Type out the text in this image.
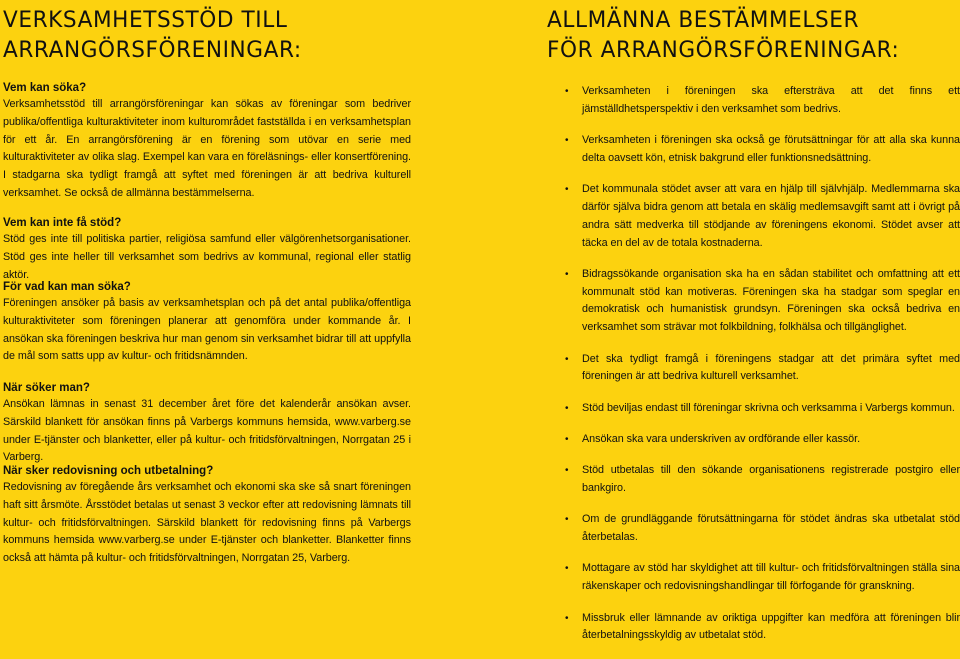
VERKSAMHETSSTÖD TILL
ARRANGÖRSFÖRENINGAR:
Vem kan söka?

Verksamhetsstöd till arrangörsföreningar kan sökas av föreningar som bedriver publika/offentliga kulturaktiviteter inom kulturområdet fastställda i en verksamhetsplan för ett år. En arrangörsförening är en förening som utövar en serie med kulturaktiviteter av olika slag. Exempel kan vara en föreläsnings- eller konsertförening. I stadgarna ska tydligt framgå att syftet med föreningen är att bedriva kulturell verksamhet. Se också de allmänna bestämmelserna.

Vem kan inte få stöd?

Stöd ges inte till politiska partier, religiösa samfund eller välgörenhetsorganisationer. Stöd ges inte heller till verksamhet som bedrivs av kommunal, regional eller statlig aktör.

För vad kan man söka?

Föreningen ansöker på basis av verksamhetsplan och på det antal publika/offentliga kulturaktiviteter som föreningen planerar att genomföra under kommande år. I ansökan ska föreningen beskriva hur man genom sin verksamhet bidrar till att uppfylla de mål som satts upp av kultur- och fritidsnämnden.

När söker man?

Ansökan lämnas in senast 31 december året före det kalenderår ansökan avser. Särskild blankett för ansökan finns på Varbergs kommuns hemsida, www.varberg.se under E-tjänster och blanketter, eller på kultur- och fritidsförvaltningen, Norrgatan 25 i Varberg.

När sker redovisning och utbetalning?

Redovisning av föregående års verksamhet och ekonomi ska ske så snart föreningen haft sitt årsmöte. Årsstödet betalas ut senast 3 veckor efter att redovisning lämnats till kultur- och fritidsförvaltningen. Särskild blankett för redovisning finns på Varbergs kommuns hemsida www.varberg.se under E-tjänster och blanketter. Blanketter finns också att hämta på kultur- och fritidsförvaltningen, Norrgatan 25, Varberg.

ALLMÄNNA BESTÄMMELSER
FÖR ARRANGÖRSFÖRENINGAR:
• Verksamheten i föreningen ska eftersträva att det finns ett jämställdhetsperspektiv i den verksamhet som bedrivs.
• Verksamheten i föreningen ska också ge förutsättningar för att alla ska kunna delta oavsett kön, etnisk bakgrund eller funktionsnedsättning.
• Det kommunala stödet avser att vara en hjälp till självhjälp. Medlemmarna ska därför själva bidra genom att betala en skälig medlemsavgift samt att i övrigt på andra sätt medverka till stödjande av föreningens ekonomi. Stödet avser att täcka en del av de totala kostnaderna.
• Bidragssökande organisation ska ha en sådan stabilitet och omfattning att ett kommunalt stöd kan motiveras. Föreningen ska ha stadgar som speglar en demokratisk och humanistisk grundsyn. Föreningen ska också bedriva en verksamhet som strävar mot folkbildning, folkhälsa och tillgänglighet.
• Det ska tydligt framgå i föreningens stadgar att det primära syftet med föreningen är att bedriva kulturell verksamhet.
• Stöd beviljas endast till föreningar skrivna och verksamma i Varbergs kommun.
• Ansökan ska vara underskriven av ordförande eller kassör.
• Stöd utbetalas till den sökande organisationens registrerade postgiro eller bankgiro.
• Om de grundläggande förutsättningarna för stödet ändras ska utbetalat stöd återbetalas.
• Mottagare av stöd har skyldighet att till kultur- och fritidsförvaltningen ställa sina räkenskaper och redovisningshandlingar till förfogande för granskning.
• Missbruk eller lämnande av oriktiga uppgifter kan medföra att föreningen blir återbetalningsskyldig av utbetalat stöd.
